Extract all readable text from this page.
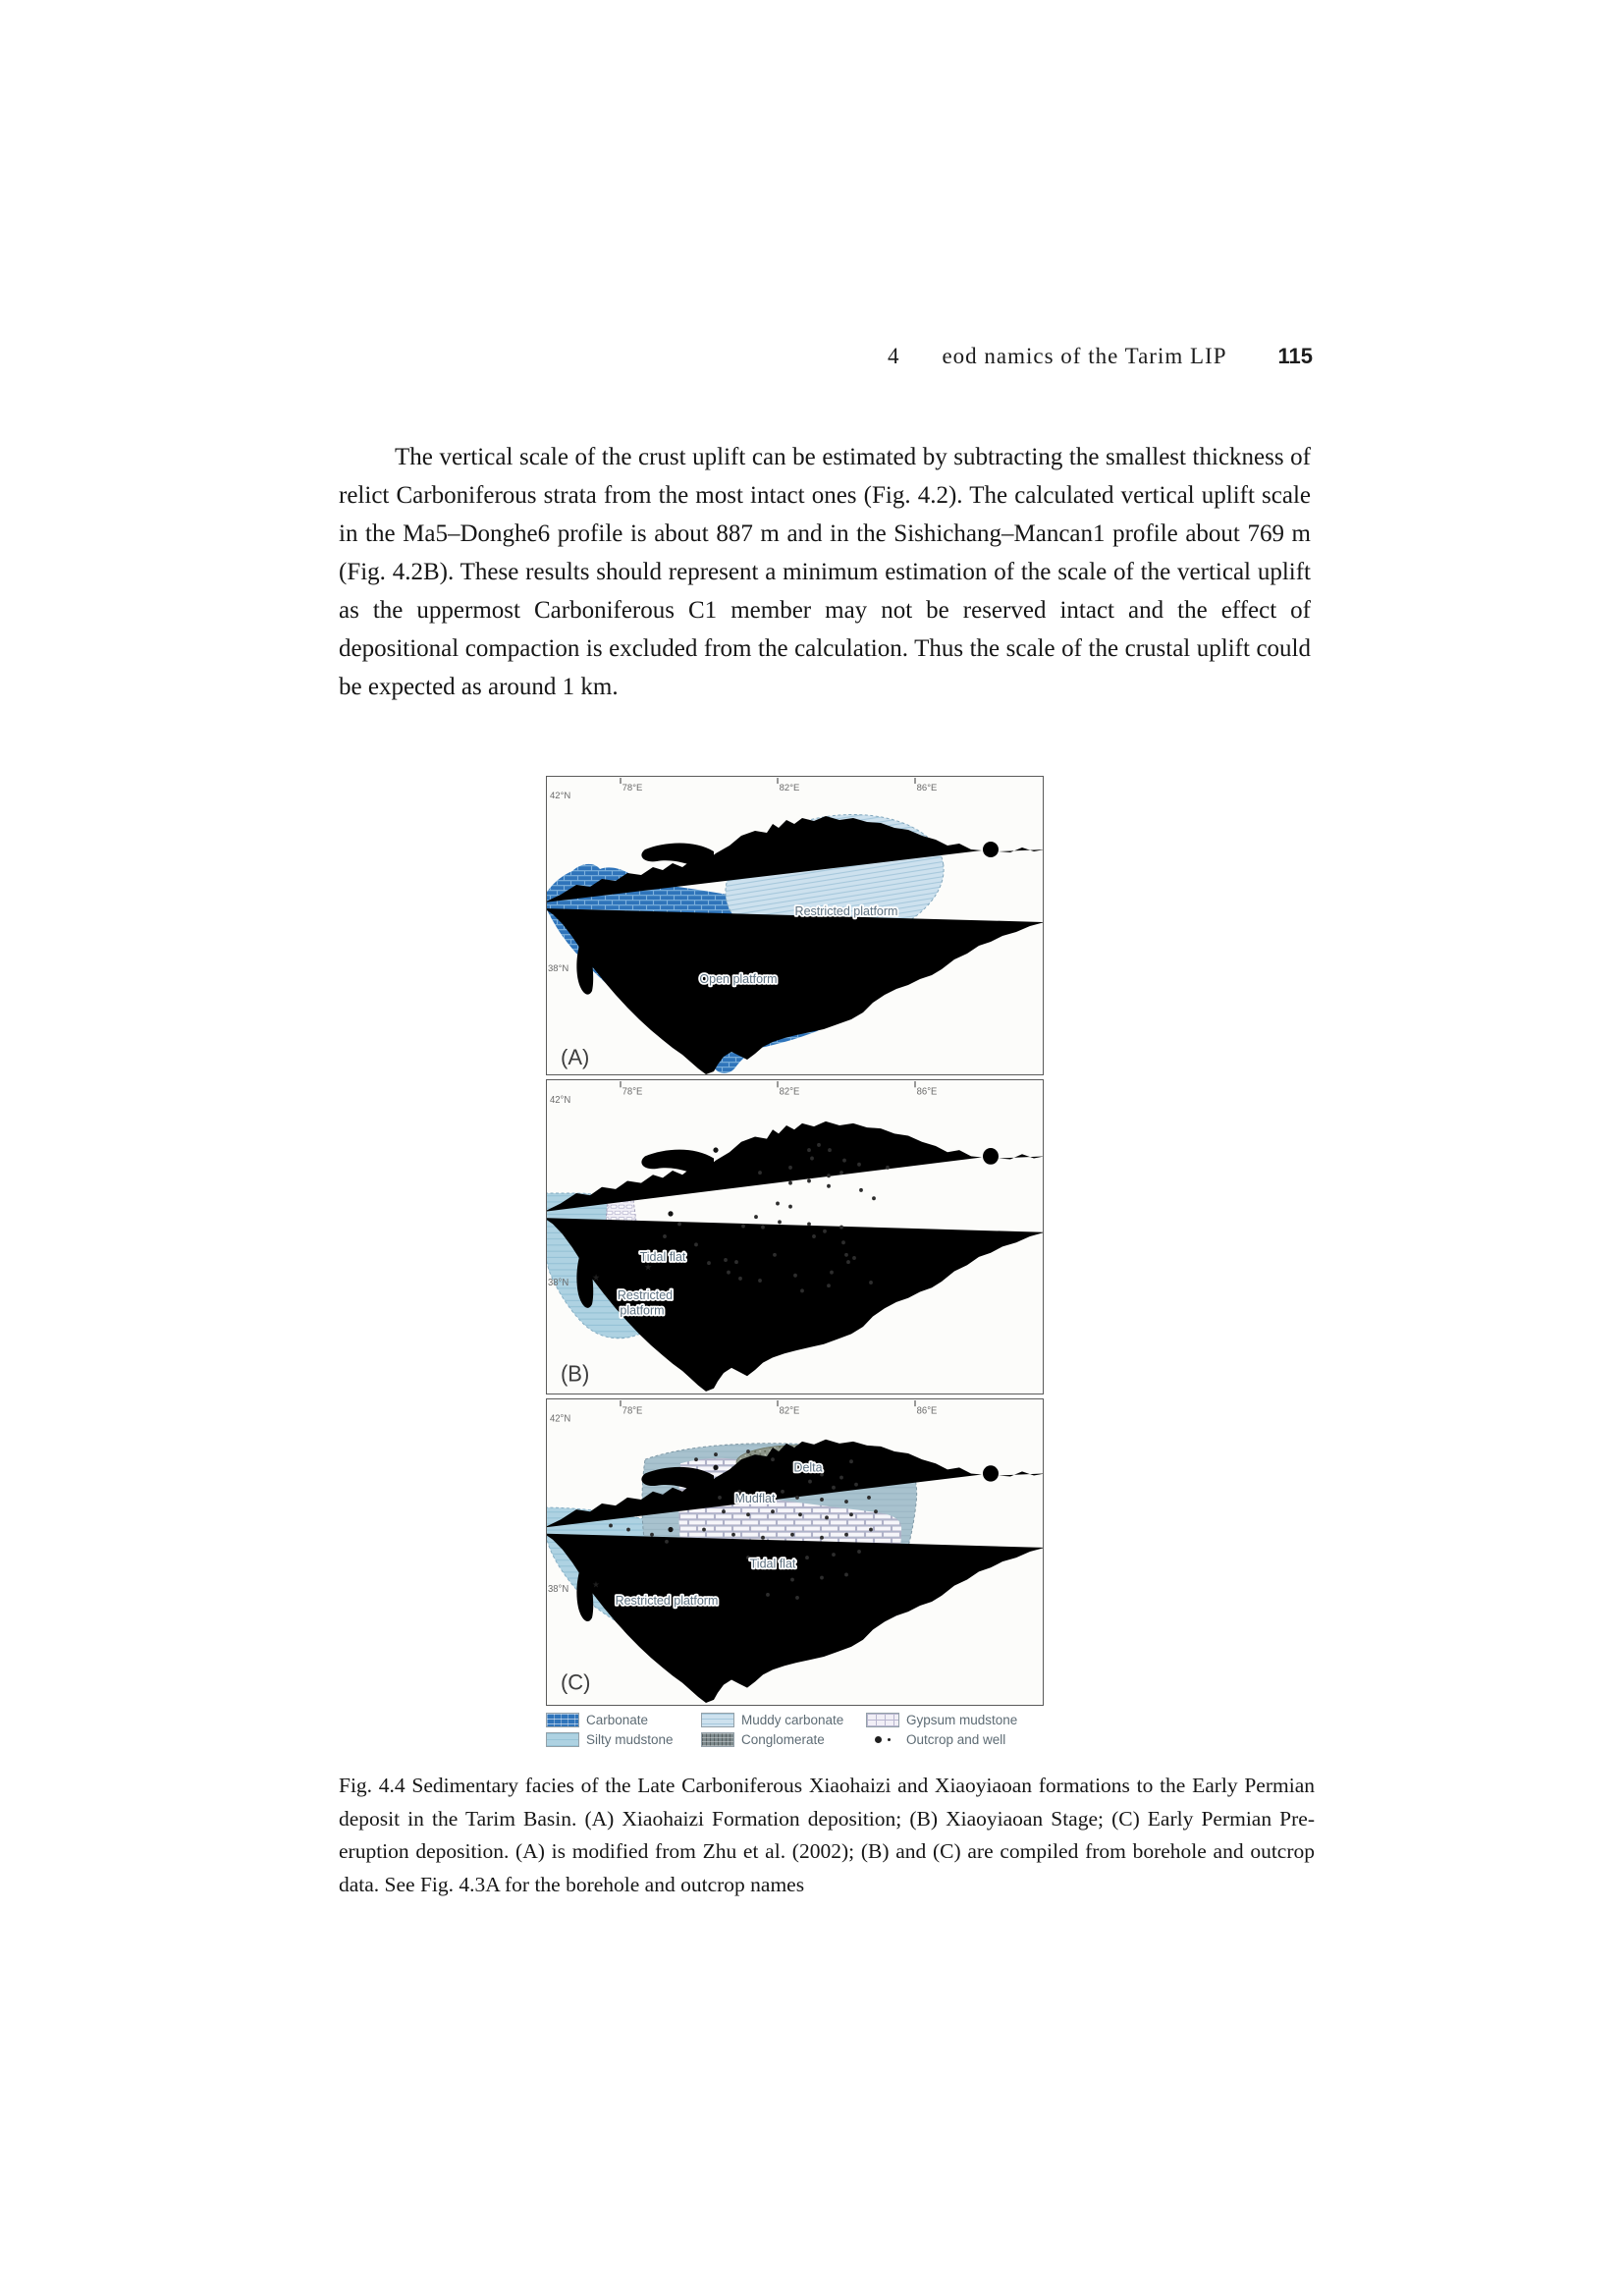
4 eod namics of the Tarim LIP 115

The vertical scale of the crust uplift can be estimated by subtracting the smallest thickness of relict Carboniferous strata from the most intact ones (Fig. 4.2). The calculated vertical uplift scale in the Ma5–Donghe6 profile is about 887 m and in the Sishichang–Mancan1 profile about 769 m (Fig. 4.2B). These results should represent a minimum estimation of the scale of the vertical uplift as the uppermost Carboniferous C1 member may not be reserved intact and the effect of depositional compaction is excluded from the calculation. Thus the scale of the crustal uplift could be expected as around 1 km.

78°E	82°E	86°E
42°N
38°N
Restricted platform
Open platform
(A)
★
★
78°E	82°E	86°E
42°N
38°N
Tidal flat
Restricted
platform
(B)
★
78°E	82°E	86°E
42°N
38°N
Delta
Mudflat
Tidal flat
Restricted platform
(C)
Carbonate	Muddy carbonate	Gypsum mudstone
Silty mudstone	Conglomerate	Outcrop and well

Fig. 4.4 Sedimentary facies of the Late Carboniferous Xiaohaizi and Xiaoyiaoan formations to the Early Permian deposit in the Tarim Basin. (A) Xiaohaizi Formation deposition; (B) Xiaoyiaoan Stage; (C) Early Permian Pre-eruption deposition. (A) is modified from Zhu et al. (2002); (B) and (C) are compiled from borehole and outcrop data. See Fig. 4.3A for the borehole and outcrop names
